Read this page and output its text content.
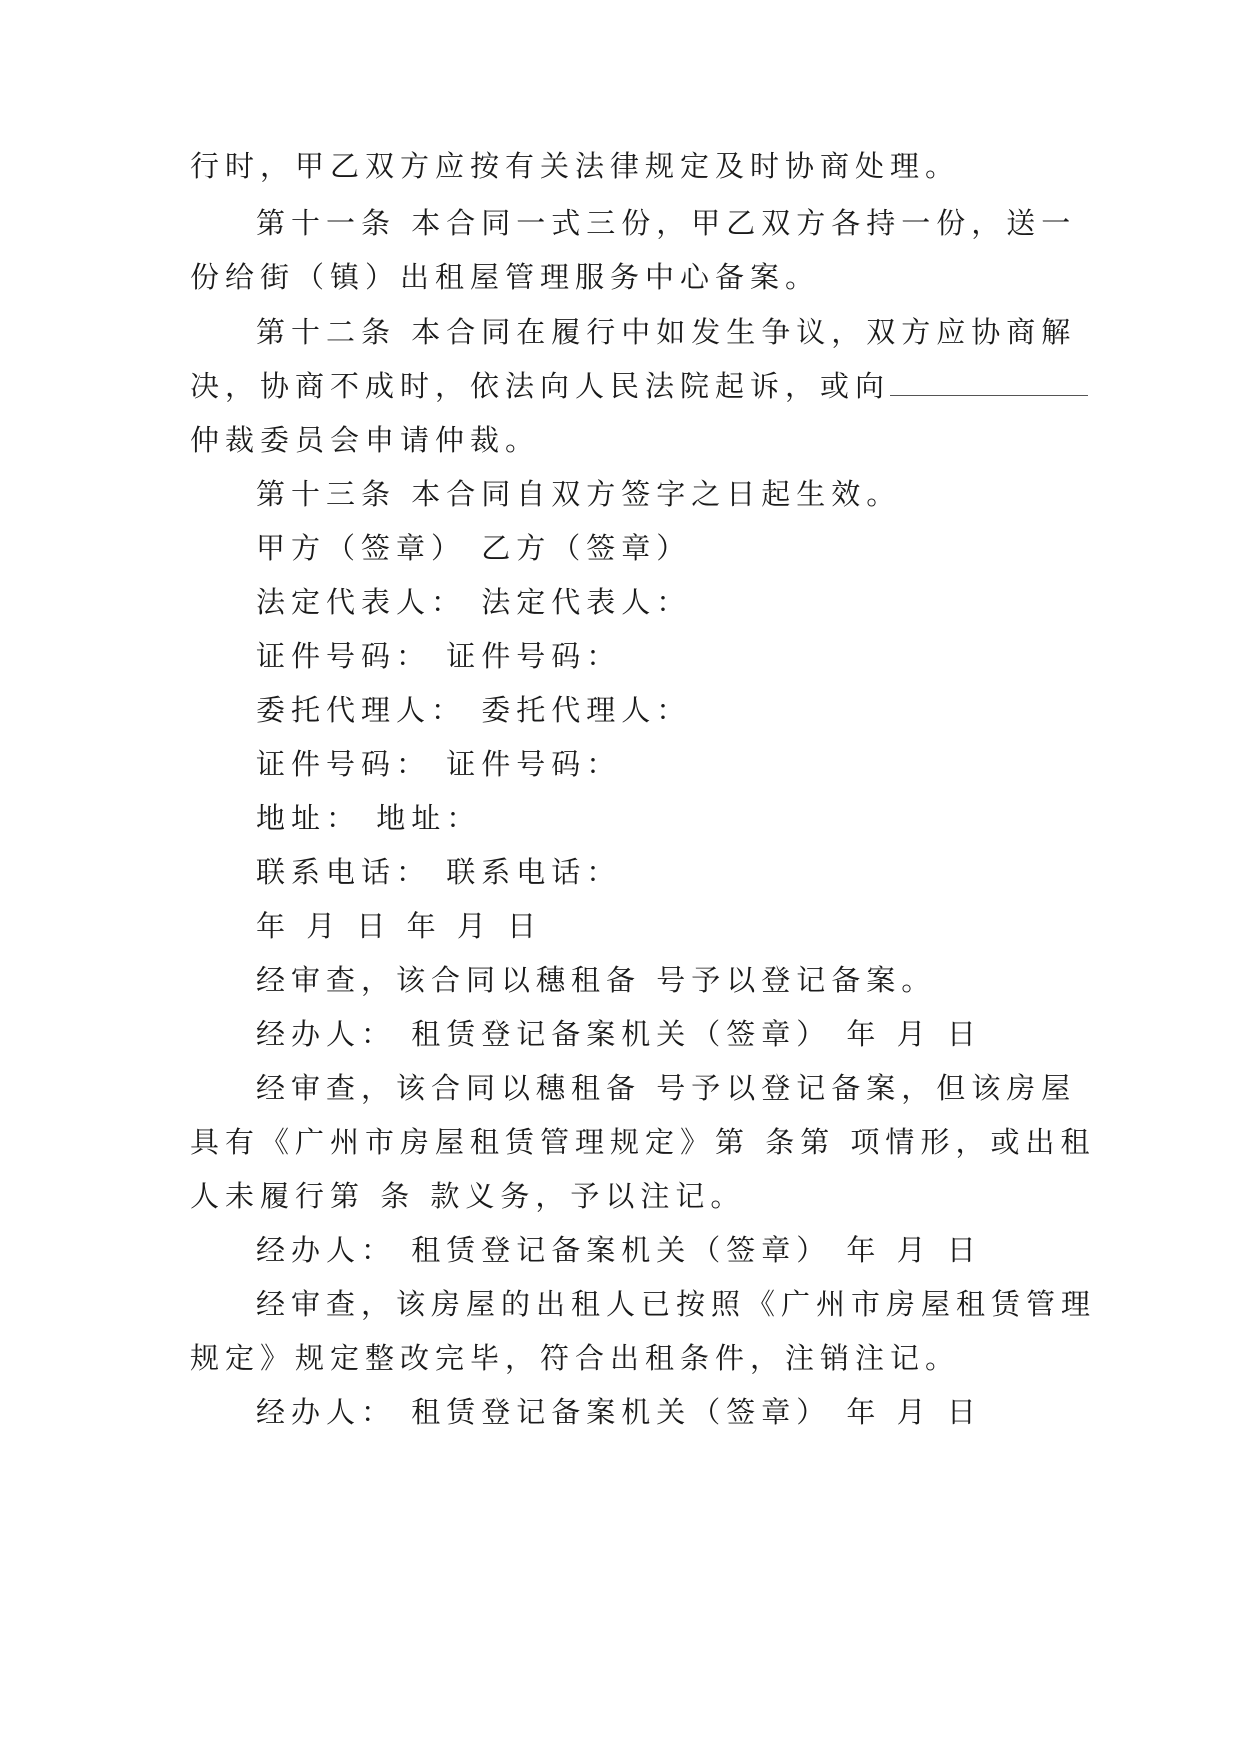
行时，甲乙双方应按有关法律规定及时协商处理。
第十一条 本合同一式三份，甲乙双方各持一份，送一
份给街（镇）出租屋管理服务中心备案。
第十二条 本合同在履行中如发生争议，双方应协商解
决，协商不成时，依法向人民法院起诉，或向
仲裁委员会申请仲裁。
第十三条 本合同自双方签字之日起生效。
甲方（签章） 乙方（签章）
法定代表人： 法定代表人：
证件号码： 证件号码：
委托代理人： 委托代理人：
证件号码： 证件号码：
地址： 地址：
联系电话： 联系电话：
年 月 日 年 月 日
经审查，该合同以穗租备 号予以登记备案。
经办人： 租赁登记备案机关（签章） 年 月 日
经审查，该合同以穗租备 号予以登记备案，但该房屋
具有《广州市房屋租赁管理规定》第 条第 项情形，或出租
人未履行第 条 款义务，予以注记。
经办人： 租赁登记备案机关（签章） 年 月 日
经审查，该房屋的出租人已按照《广州市房屋租赁管理
规定》规定整改完毕，符合出租条件，注销注记。
经办人： 租赁登记备案机关（签章） 年 月 日
